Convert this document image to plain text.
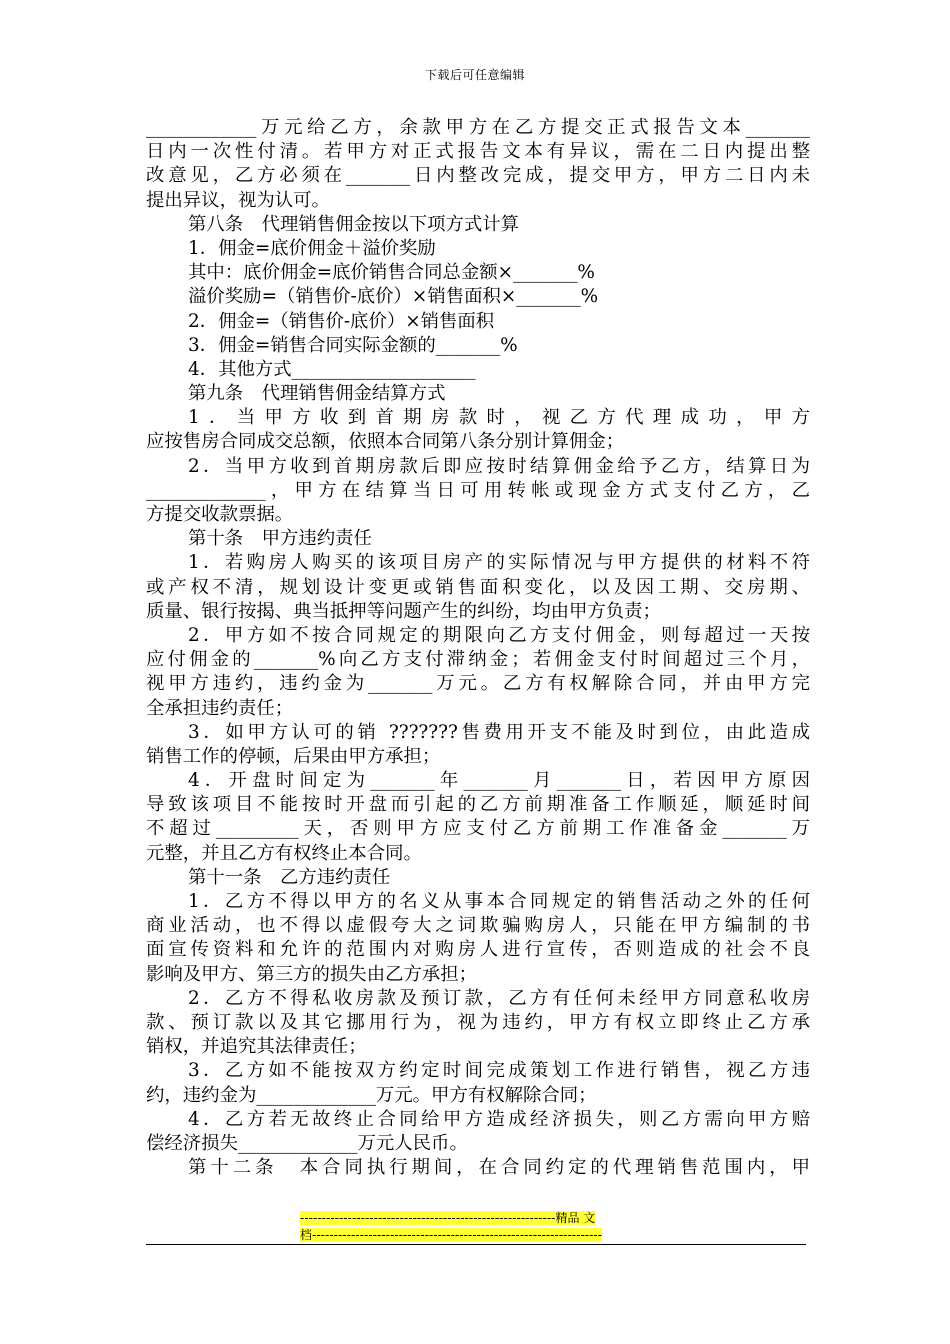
下载后可任意编辑
____________万元给乙方，余款甲方在乙方提交正式报告文本_______
日内一次性付清。若甲方对正式报告文本有异议，需在二日内提出整
改意见，乙方必须在_______日内整改完成，提交甲方，甲方二日内未
提出异议，视为认可。
第八条　代理销售佣金按以下项方式计算
1．佣金=底价佣金＋溢价奖励
其中：底价佣金=底价销售合同总金额×_______%
溢价奖励=（销售价-底价）×销售面积×_______%
2．佣金=（销售价-底价）×销售面积
3．佣金=销售合同实际金额的_______%
4．其他方式____________________
第九条　代理销售佣金结算方式
1．当甲方收到首期房款时，视乙方代理成功，甲方
应按售房合同成交总额，依照本合同第八条分别计算佣金；
2．当甲方收到首期房款后即应按时结算佣金给予乙方，结算日为
_____________，甲方在结算当日可用转帐或现金方式支付乙方，乙
方提交收款票据。
第十条　甲方违约责任
1．若购房人购买的该项目房产的实际情况与甲方提供的材料不符
或产权不清，规划设计变更或销售面积变化，以及因工期、交房期、
质量、银行按揭、典当抵押等问题产生的纠纷，均由甲方负责；
2．甲方如不按合同规定的期限向乙方支付佣金，则每超过一天按
应付佣金的_______%向乙方支付滞纳金；若佣金支付时间超过三个月，
视甲方违约，违约金为_______万元。乙方有权解除合同，并由甲方完
全承担违约责任；
3．如甲方认可的销 ???????售费用开支不能及时到位，由此造成
销售工作的停顿，后果由甲方承担；
4．开盘时间定为_______年_______月_______日，若因甲方原因
导致该项目不能按时开盘而引起的乙方前期准备工作顺延，顺延时间
不超过_________天，否则甲方应支付乙方前期工作准备金_______万
元整，并且乙方有权终止本合同。
第十一条　乙方违约责任
1．乙方不得以甲方的名义从事本合同规定的销售活动之外的任何
商业活动，也不得以虚假夸大之词欺骗购房人，只能在甲方编制的书
面宣传资料和允许的范围内对购房人进行宣传，否则造成的社会不良
影响及甲方、第三方的损失由乙方承担；
2．乙方不得私收房款及预订款，乙方有任何未经甲方同意私收房
款、预订款以及其它挪用行为，视为违约，甲方有权立即终止乙方承
销权，并追究其法律责任；
3．乙方如不能按双方约定时间完成策划工作进行销售，视乙方违
约，违约金为_____________万元。甲方有权解除合同；
4．乙方若无故终止合同给甲方造成经济损失，则乙方需向甲方赔
偿经济损失_____________万元人民币。
第十二条　本合同执行期间，在合同约定的代理销售范围内，甲
-----------------------------------------------------------精品 文
档-------------------------------------------------------------------
